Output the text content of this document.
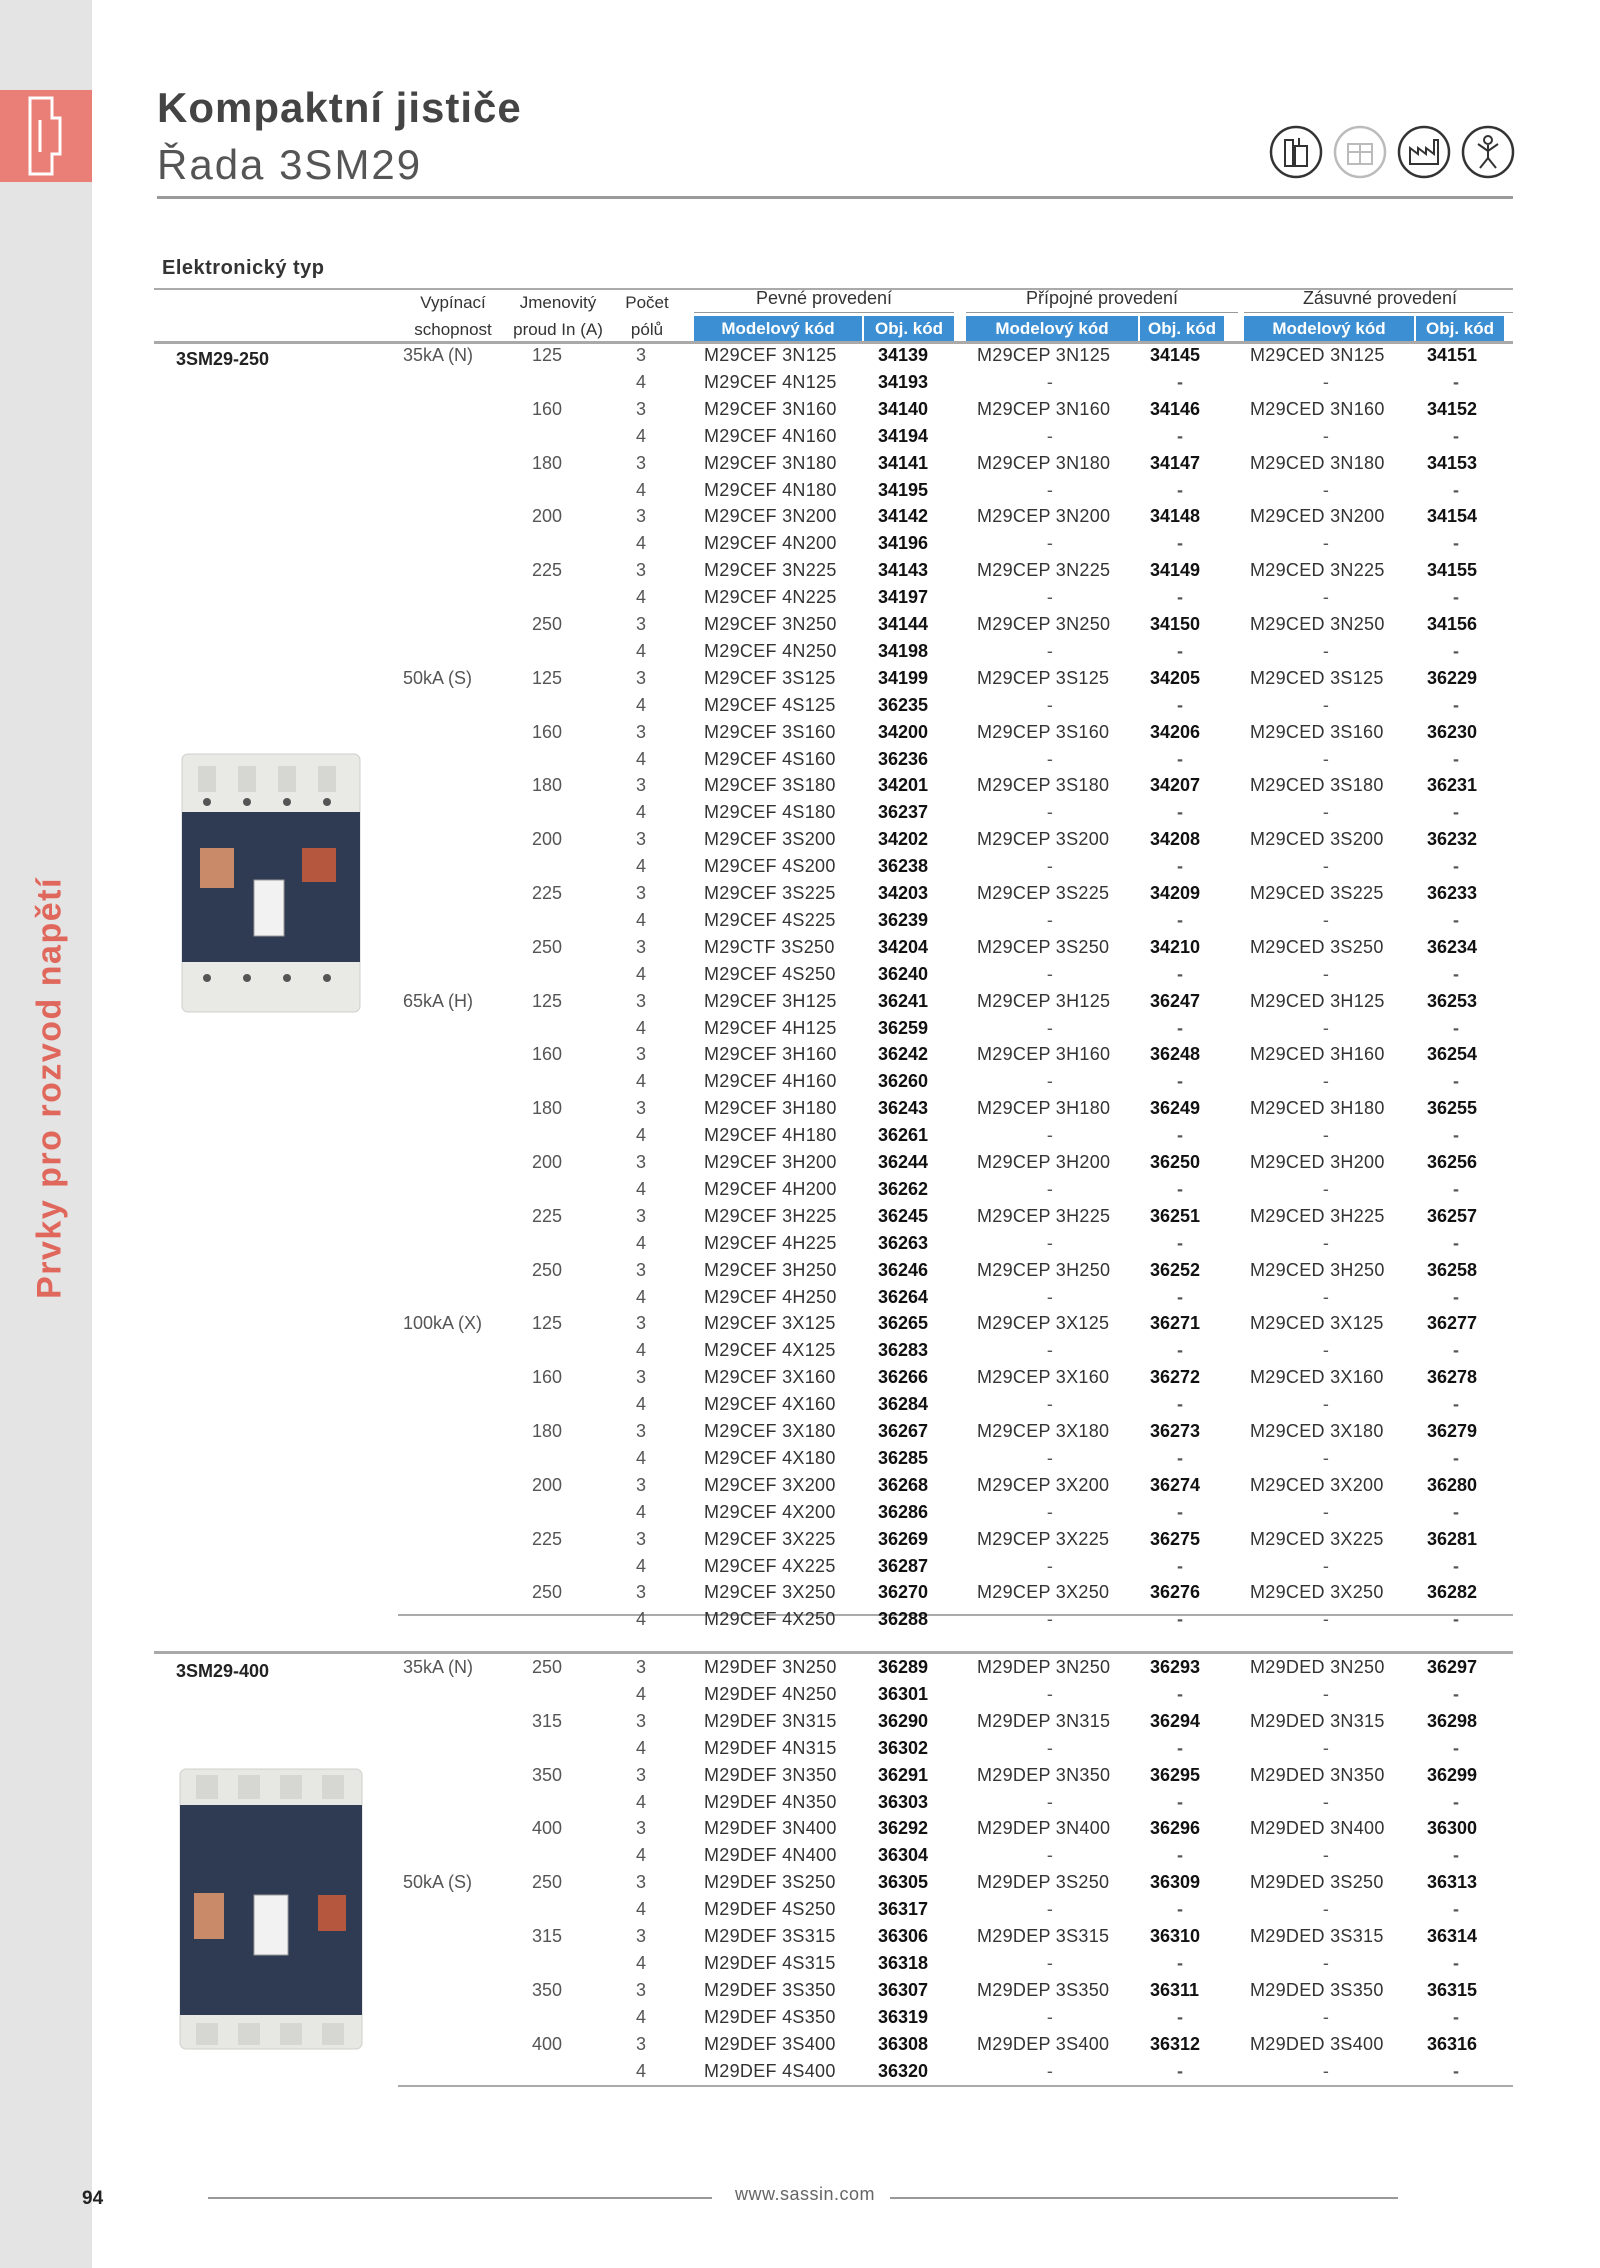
Prvky pro rozvod napětí
94
Kompaktní jističe
Řada 3SM29
Elektronický typ
Vypínací
schopnost
Jmenovitý
proud In (A)
Počet
pólů
Pevné provedení	Přípojné provedení	Zásuvné provedení
Modelový kód	Obj. kód	Modelový kód	Obj. kód	Modelový kód	Obj. kód
3SM29-250
3SM29-400
35kA (N)	125	3	M29CEF 3N125 34139	M29CEP 3N125 34145	M29CED 3N125 34151
4	M29CEF 4N125 34193	-	-	-	-
160	3	M29CEF 3N160 34140	M29CEP 3N160 34146	M29CED 3N160 34152
4	M29CEF 4N160 34194	-	-	-	-
180	3	M29CEF 3N180 34141	M29CEP 3N180 34147	M29CED 3N180 34153
4	M29CEF 4N180 34195	-	-	-	-
200	3	M29CEF 3N200 34142	M29CEP 3N200 34148	M29CED 3N200 34154
4	M29CEF 4N200 34196	-	-	-	-
225	3	M29CEF 3N225 34143	M29CEP 3N225 34149	M29CED 3N225 34155
4	M29CEF 4N225 34197	-	-	-	-
250	3	M29CEF 3N250 34144	M29CEP 3N250 34150	M29CED 3N250 34156
4	M29CEF 4N250 34198	-	-	-	-
50kA (S)	125	3	M29CEF 3S125 34199	M29CEP 3S125 34205	M29CED 3S125 36229
4	M29CEF 4S125 36235	-	-	-	-
160	3	M29CEF 3S160 34200	M29CEP 3S160 34206	M29CED 3S160 36230
4	M29CEF 4S160 36236	-	-	-	-
180	3	M29CEF 3S180 34201	M29CEP 3S180 34207	M29CED 3S180 36231
4	M29CEF 4S180 36237	-	-	-	-
200	3	M29CEF 3S200 34202	M29CEP 3S200 34208	M29CED 3S200 36232
4	M29CEF 4S200 36238	-	-	-	-
225	3	M29CEF 3S225 34203	M29CEP 3S225 34209	M29CED 3S225 36233
4	M29CEF 4S225 36239	-	-	-	-
250	3	M29CTF 3S250 34204	M29CEP 3S250 34210	M29CED 3S250 36234
4	M29CEF 4S250 36240	-	-	-	-
65kA (H)	125	3	M29CEF 3H125 36241	M29CEP 3H125 36247	M29CED 3H125 36253
4	M29CEF 4H125 36259	-	-	-	-
160	3	M29CEF 3H160 36242	M29CEP 3H160 36248	M29CED 3H160 36254
4	M29CEF 4H160 36260	-	-	-	-
180	3	M29CEF 3H180 36243	M29CEP 3H180 36249	M29CED 3H180 36255
4	M29CEF 4H180 36261	-	-	-	-
200	3	M29CEF 3H200 36244	M29CEP 3H200 36250	M29CED 3H200 36256
4	M29CEF 4H200 36262	-	-	-	-
225	3	M29CEF 3H225 36245	M29CEP 3H225 36251	M29CED 3H225 36257
4	M29CEF 4H225 36263	-	-	-	-
250	3	M29CEF 3H250 36246	M29CEP 3H250 36252	M29CED 3H250 36258
4	M29CEF 4H250 36264	-	-	-	-
100kA (X)	125	3	M29CEF 3X125 36265	M29CEP 3X125 36271	M29CED 3X125 36277
4	M29CEF 4X125 36283	-	-	-	-
160	3	M29CEF 3X160 36266	M29CEP 3X160 36272	M29CED 3X160 36278
4	M29CEF 4X160 36284	-	-	-	-
180	3	M29CEF 3X180 36267	M29CEP 3X180 36273	M29CED 3X180 36279
4	M29CEF 4X180 36285	-	-	-	-
200	3	M29CEF 3X200 36268	M29CEP 3X200 36274	M29CED 3X200 36280
4	M29CEF 4X200 36286	-	-	-	-
225	3	M29CEF 3X225 36269	M29CEP 3X225 36275	M29CED 3X225 36281
4	M29CEF 4X225 36287	-	-	-	-
250	3	M29CEF 3X250 36270	M29CEP 3X250 36276	M29CED 3X250 36282
4	M29CEF 4X250 36288	-	-	-	-
35kA (N)	250	3	M29DEF 3N250 36289	M29DEP 3N250 36293	M29DED 3N250 36297
4	M29DEF 4N250 36301	-	-	-	-
315	3	M29DEF 3N315 36290	M29DEP 3N315 36294	M29DED 3N315 36298
4	M29DEF 4N315 36302	-	-	-	-
350	3	M29DEF 3N350 36291	M29DEP 3N350 36295	M29DED 3N350 36299
4	M29DEF 4N350 36303	-	-	-	-
400	3	M29DEF 3N400 36292	M29DEP 3N400 36296	M29DED 3N400 36300
4	M29DEF 4N400 36304	-	-	-	-
50kA (S)	250	3	M29DEF 3S250 36305	M29DEP 3S250 36309	M29DED 3S250 36313
4	M29DEF 4S250 36317	-	-	-	-
315	3	M29DEF 3S315 36306	M29DEP 3S315 36310	M29DED 3S315 36314
4	M29DEF 4S315 36318	-	-	-	-
350	3	M29DEF 3S350 36307	M29DEP 3S350 36311	M29DED 3S350 36315
4	M29DEF 4S350 36319	-	-	-	-
400	3	M29DEF 3S400 36308	M29DEP 3S400 36312	M29DED 3S400 36316
4	M29DEF 4S400 36320	-	-	-	-
www.sassin.com
